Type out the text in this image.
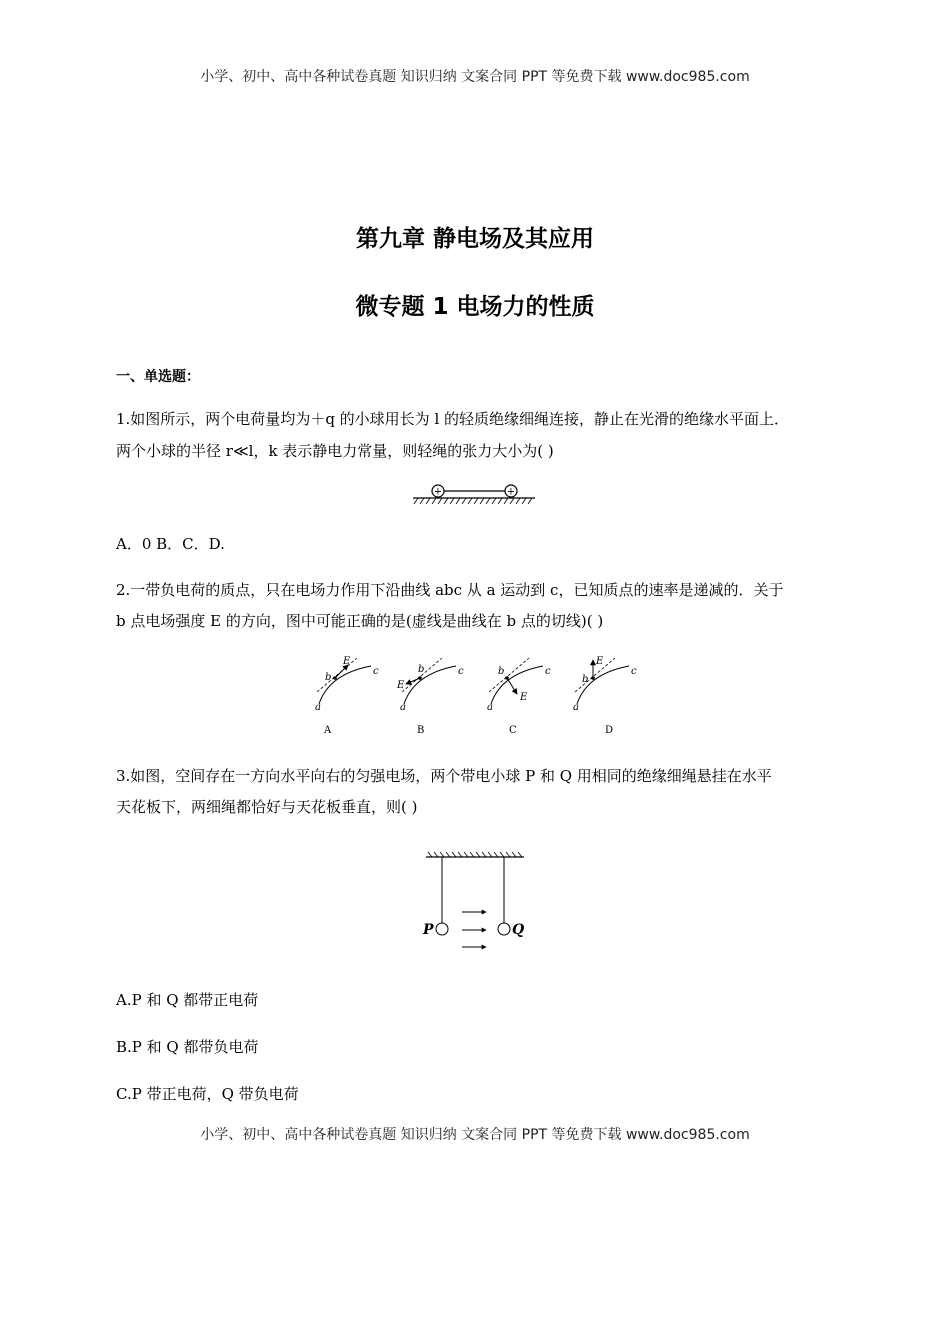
小学、初中、高中各种试卷真题 知识归纳 文案合同 PPT 等免费下载 www.doc985.com
第九章 静电场及其应用
微专题 1 电场力的性质
一、单选题：
1.如图所示，两个电荷量均为＋q 的小球用长为 l 的轻质绝缘细绳连接，静止在光滑的绝缘水平面上．
两个小球的半径 r≪l，k 表示静电力常量，则轻绳的张力大小为( )
+	+
A．0 B．C．D.
2.一带负电荷的质点，只在电场力作用下沿曲线 abc 从 a 运动到 c，已知质点的速率是递减的．关于
b 点电场强度 E 的方向，图中可能正确的是(虚线是曲线在 b 点的切线)( )
E
a
b
c
A
E
a
b	c
B
E
a
b	c
C
E
a
b
c
D
3.如图，空间存在一方向水平向右的匀强电场，两个带电小球 P 和 Q 用相同的绝缘细绳悬挂在水平
天花板下，两细绳都恰好与天花板垂直，则( )
P	Q
A.P 和 Q 都带正电荷
B.P 和 Q 都带负电荷
C.P 带正电荷，Q 带负电荷
小学、初中、高中各种试卷真题 知识归纳 文案合同 PPT 等免费下载 www.doc985.com
